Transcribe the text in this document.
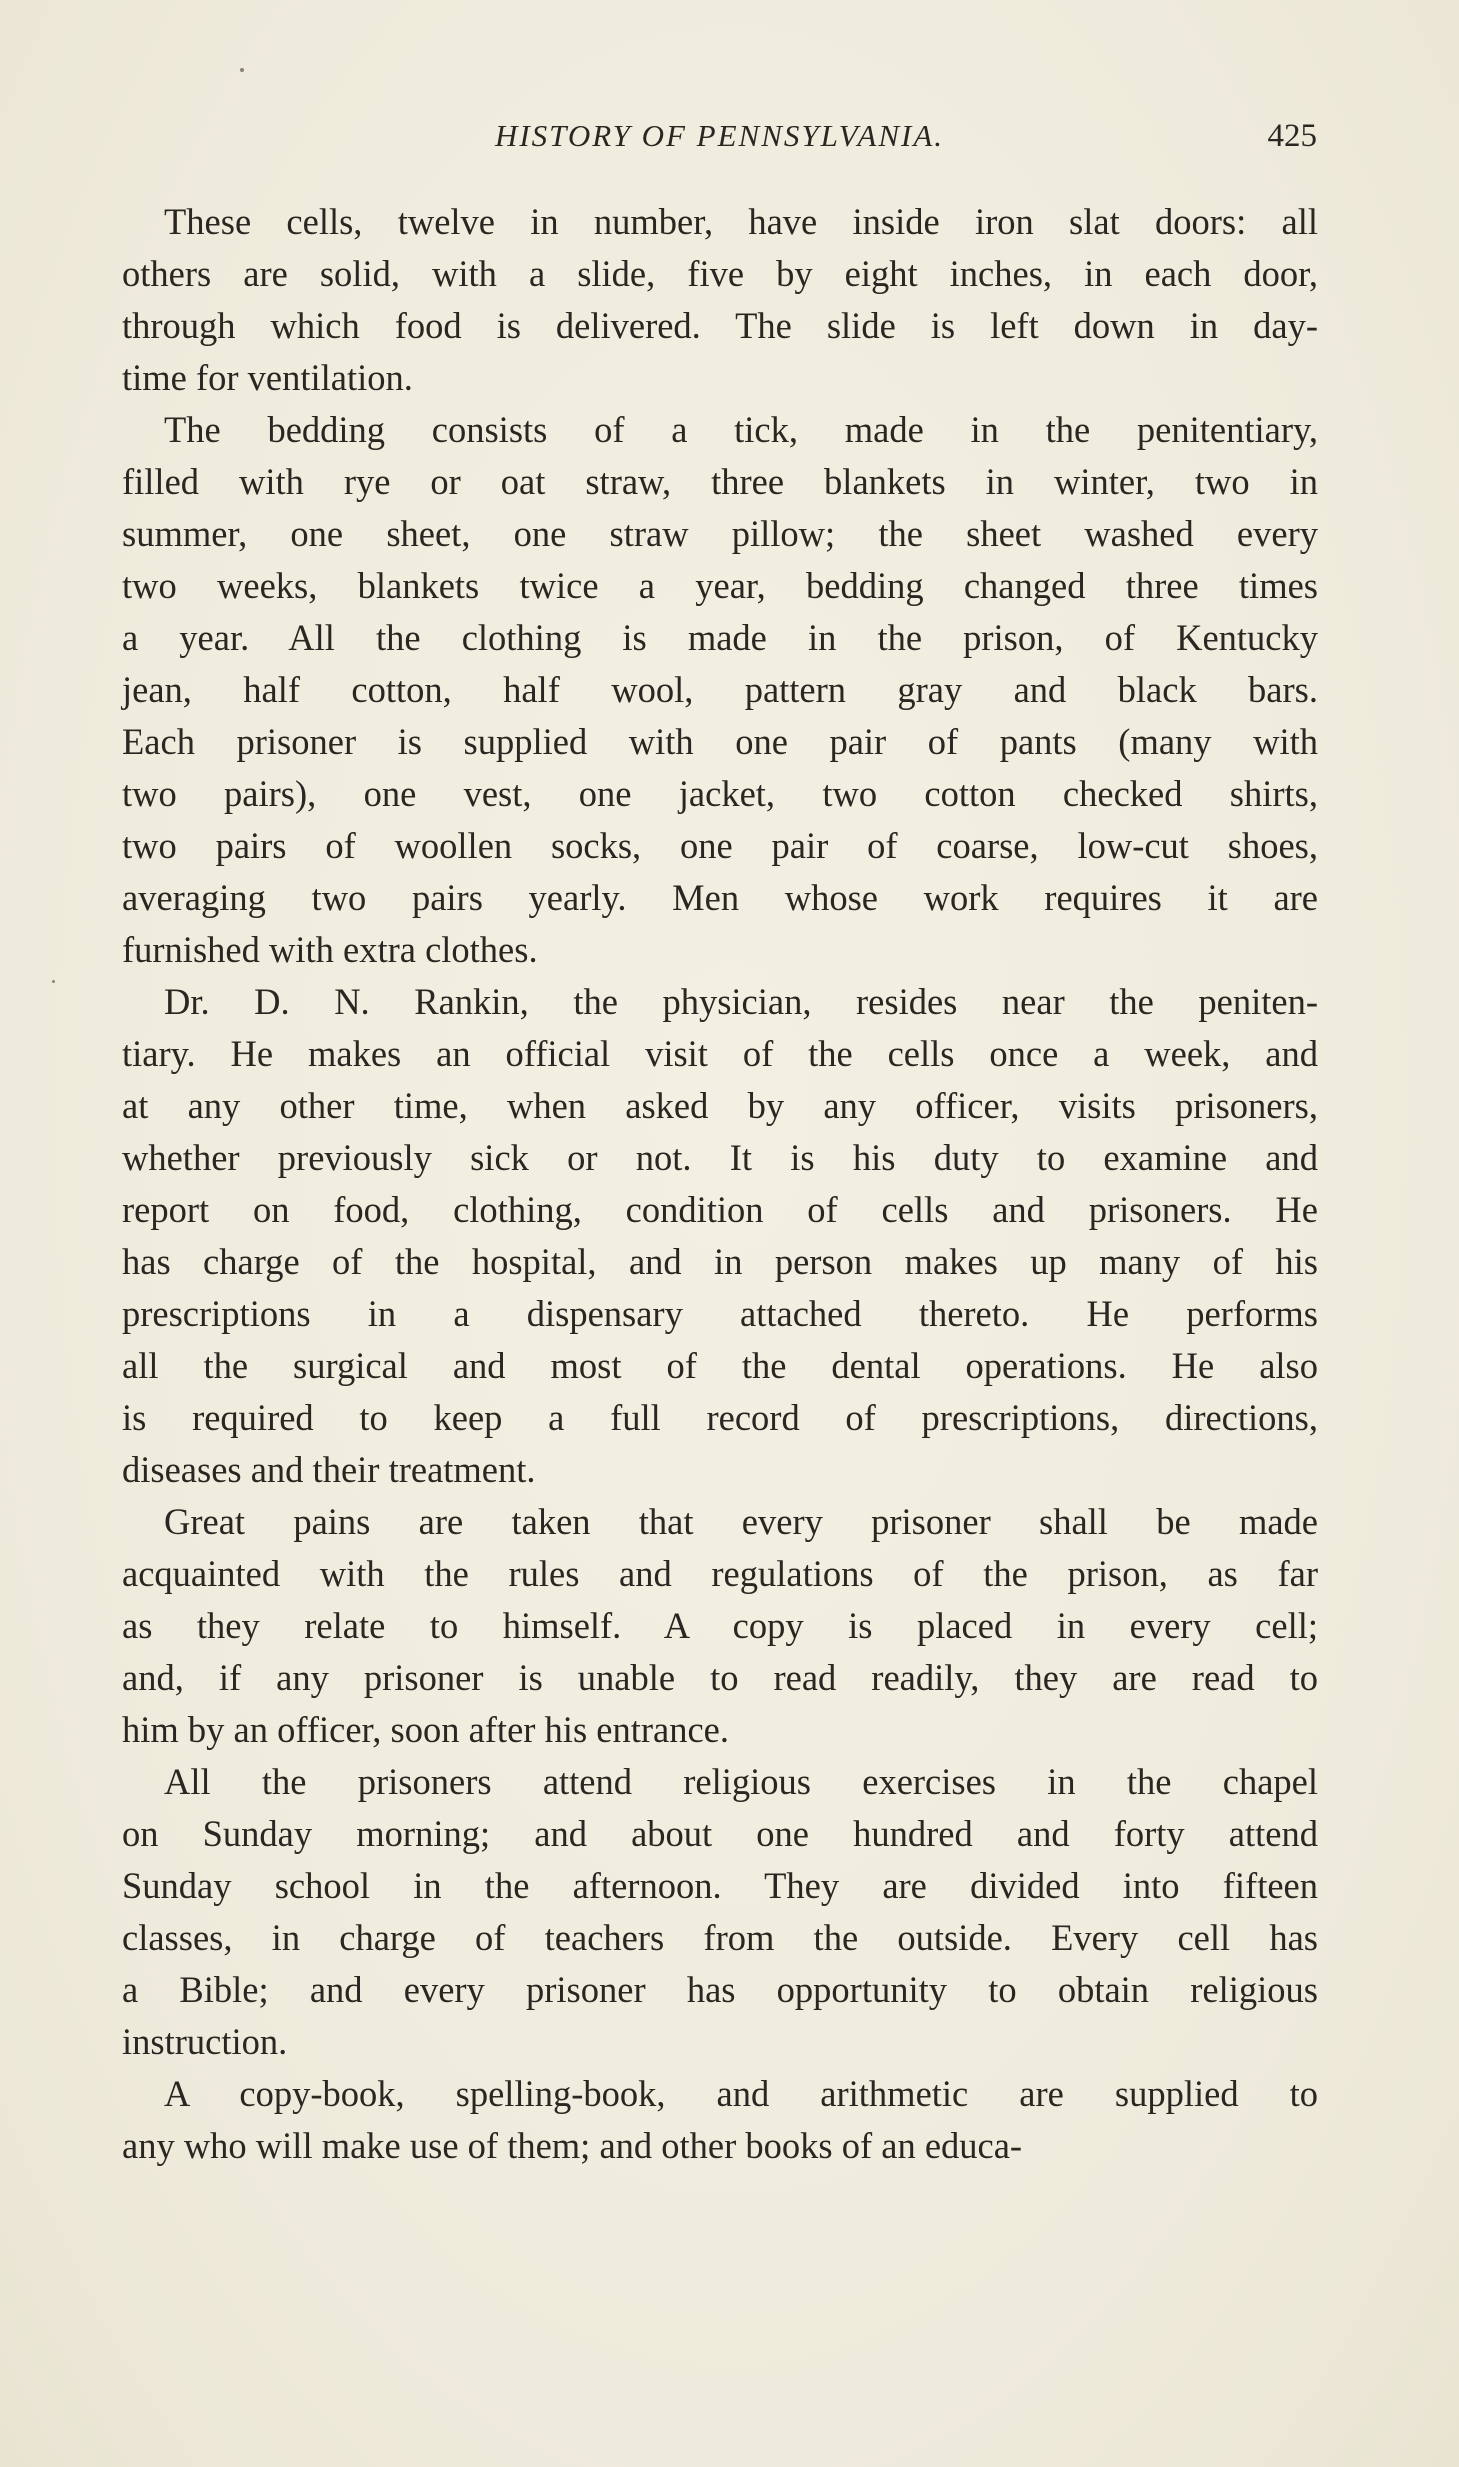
HISTORY OF PENNSYLVANIA.	425
These cells, twelve in number, have inside iron slat doors: all
others are solid, with a slide, five by eight inches, in each door,
through which food is delivered. The slide is left down in day-
time for ventilation.
The bedding consists of a tick, made in the penitentiary,
filled with rye or oat straw, three blankets in winter, two in
summer, one sheet, one straw pillow; the sheet washed every
two weeks, blankets twice a year, bedding changed three times
a year. All the clothing is made in the prison, of Kentucky
jean, half cotton, half wool, pattern gray and black bars.
Each prisoner is supplied with one pair of pants (many with
two pairs), one vest, one jacket, two cotton checked shirts,
two pairs of woollen socks, one pair of coarse, low-cut shoes,
averaging two pairs yearly. Men whose work requires it are
furnished with extra clothes.
Dr. D. N. Rankin, the physician, resides near the peniten-
tiary. He makes an official visit of the cells once a week, and
at any other time, when asked by any officer, visits prisoners,
whether previously sick or not. It is his duty to examine and
report on food, clothing, condition of cells and prisoners. He
has charge of the hospital, and in person makes up many of his
prescriptions in a dispensary attached thereto. He performs
all the surgical and most of the dental operations. He also
is required to keep a full record of prescriptions, directions,
diseases and their treatment.
Great pains are taken that every prisoner shall be made
acquainted with the rules and regulations of the prison, as far
as they relate to himself. A copy is placed in every cell;
and, if any prisoner is unable to read readily, they are read to
him by an officer, soon after his entrance.
All the prisoners attend religious exercises in the chapel
on Sunday morning; and about one hundred and forty attend
Sunday school in the afternoon. They are divided into fifteen
classes, in charge of teachers from the outside. Every cell has
a Bible; and every prisoner has opportunity to obtain religious
instruction.
A copy-book, spelling-book, and arithmetic are supplied to
any who will make use of them; and other books of an educa-
